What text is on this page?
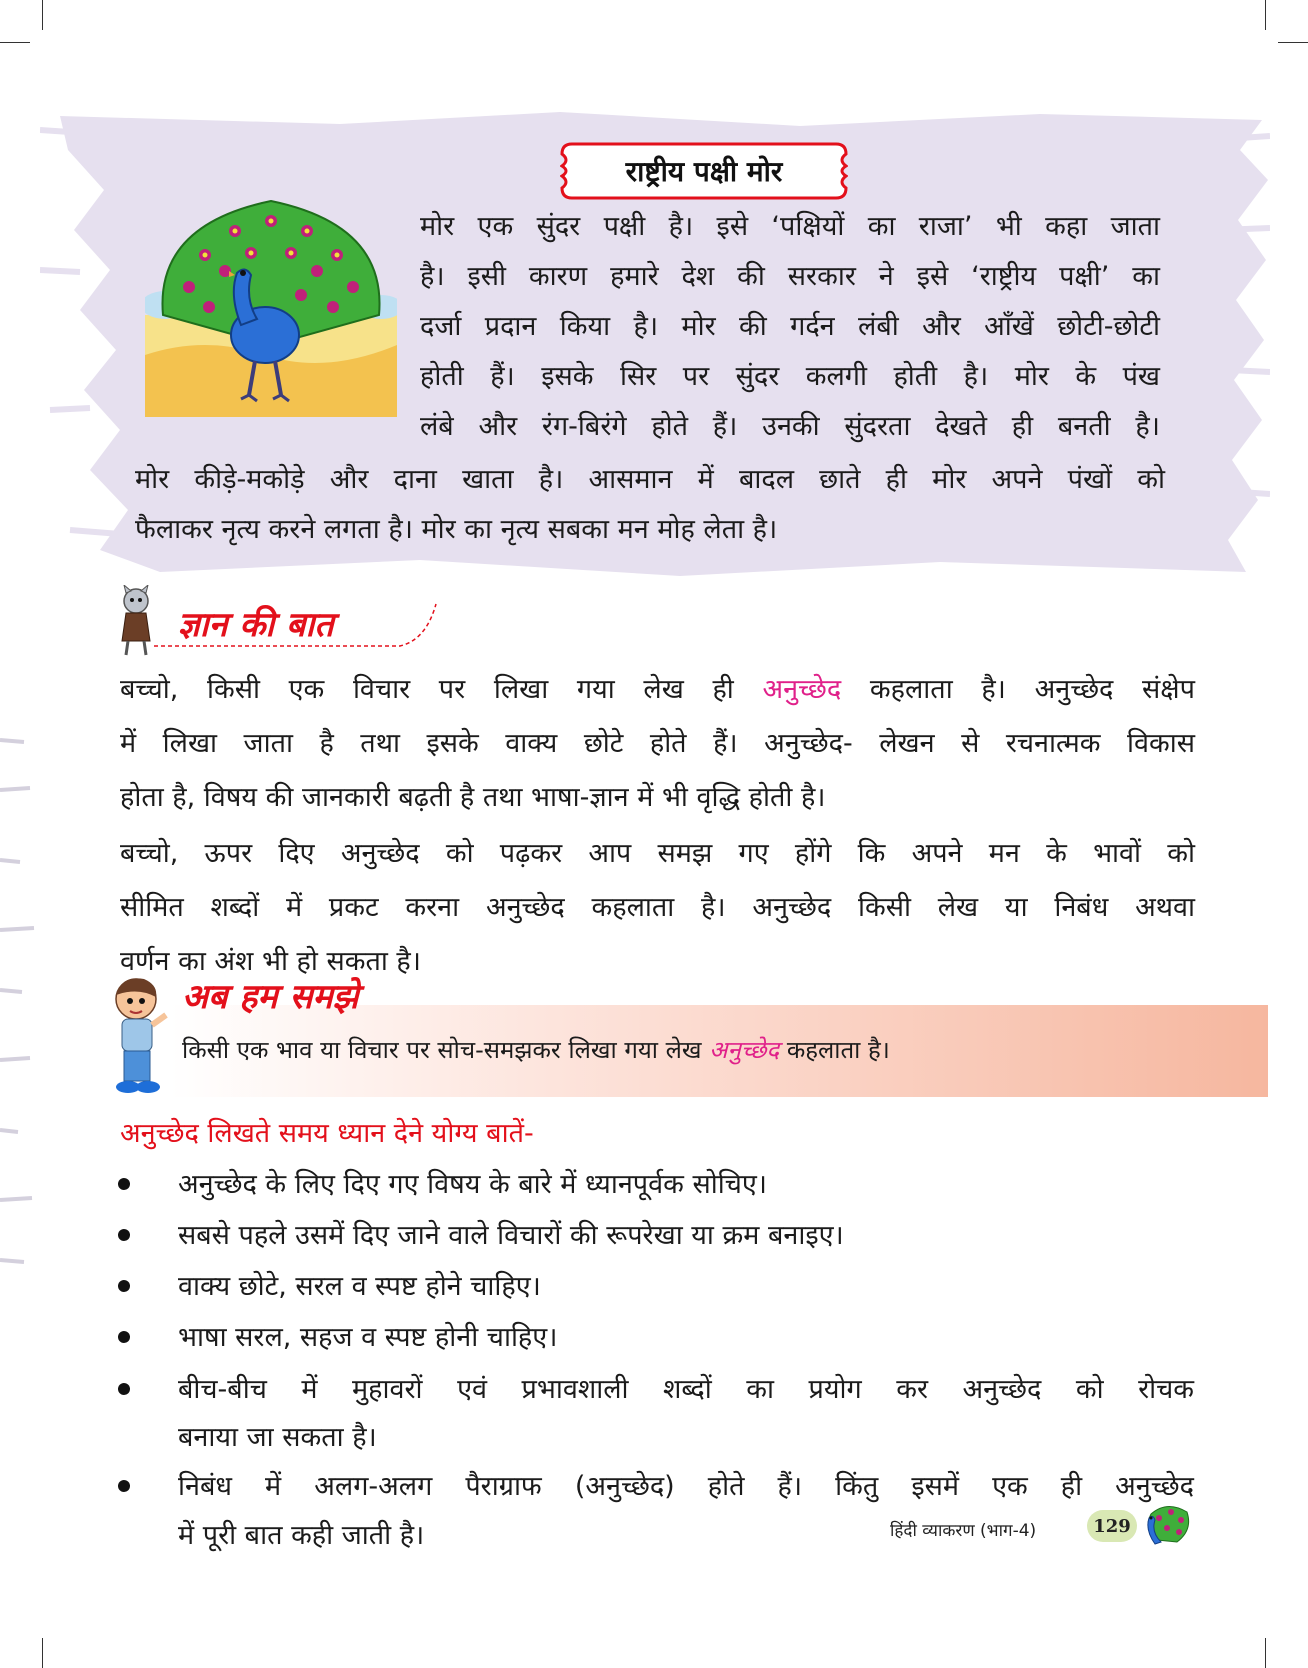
राष्ट्रीय पक्षी मोर
मोर एक सुंदर पक्षी है। इसे ‘पक्षियों का राजा’ भी कहा जाता
है। इसी कारण हमारे देश की सरकार ने इसे ‘राष्ट्रीय पक्षी’ का
दर्जा प्रदान किया है। मोर की गर्दन लंबी और आँखें छोटी-छोटी
होती हैं। इसके सिर पर सुंदर कलगी होती है। मोर के पंख
लंबे और रंग-बिरंगे होते हैं। उनकी सुंदरता देखते ही बनती है।
मोर कीड़े-मकोड़े और दाना खाता है। आसमान में बादल छाते ही मोर अपने पंखों को
फैलाकर नृत्य करने लगता है। मोर का नृत्य सबका मन मोह लेता है।
ज्ञान की बात
बच्चो, किसी एक विचार पर लिखा गया लेख ही अनुच्छेद कहलाता है। अनुच्छेद संक्षेप
में लिखा जाता है तथा इसके वाक्य छोटे होते हैं। अनुच्छेद- लेखन से रचनात्मक विकास
होता है, विषय की जानकारी बढ़ती है तथा भाषा-ज्ञान में भी वृद्धि होती है।
बच्चो, ऊपर दिए अनुच्छेद को पढ़कर आप समझ गए होंगे कि अपने मन के भावों को
सीमित शब्दों में प्रकट करना अनुच्छेद कहलाता है। अनुच्छेद किसी लेख या निबंध अथवा
वर्णन का अंश भी हो सकता है।
अब हम समझे
किसी एक भाव या विचार पर सोच-समझकर लिखा गया लेख अनुच्छेद कहलाता है।
अनुच्छेद लिखते समय ध्यान देने योग्य बातें-
अनुच्छेद के लिए दिए गए विषय के बारे में ध्यानपूर्वक सोचिए।
सबसे पहले उसमें दिए जाने वाले विचारों की रूपरेखा या क्रम बनाइए।
वाक्य छोटे, सरल व स्पष्ट होने चाहिए।
भाषा सरल, सहज व स्पष्ट होनी चाहिए।
बीच-बीच में मुहावरों एवं प्रभावशाली शब्दों का प्रयोग कर अनुच्छेद को रोचक
बनाया जा सकता है।
निबंध में अलग-अलग पैराग्राफ (अनुच्छेद) होते हैं। किंतु इसमें एक ही अनुच्छेद
में पूरी बात कही जाती है।	हिंदी व्याकरण (भाग-4)	129
